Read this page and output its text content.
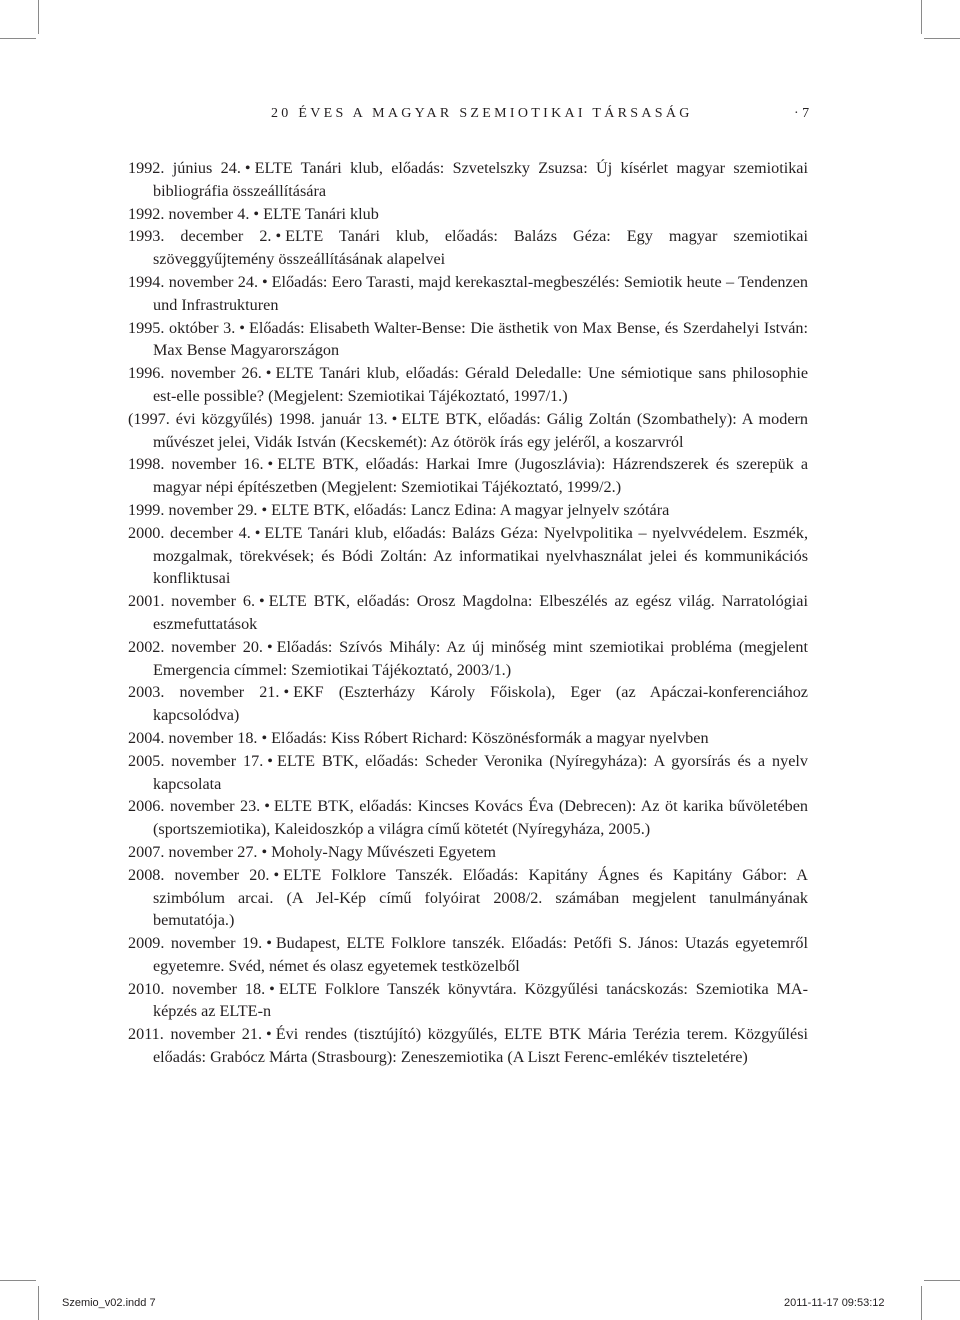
20 ÉVES A MAGYAR SZEMIOTIKAI TÁRSASÁG	· 7
1992. június 24. • ELTE Tanári klub, előadás: Szvetelszky Zsuzsa: Új kísérlet magyar szemiotikai bibliográfia összeállítására
1992. november 4. • ELTE Tanári klub
1993. december 2. • ELTE Tanári klub, előadás: Balázs Géza: Egy magyar szemiotikai szöveggyűjtemény összeállításának alapelvei
1994. november 24. • Előadás: Eero Tarasti, majd kerekasztal-megbeszélés: Semiotik heute – Tendenzen und Infrastrukturen
1995. október 3. • Előadás: Elisabeth Walter-Bense: Die ästhetik von Max Bense, és Szerdahelyi István: Max Bense Magyarországon
1996. november 26. • ELTE Tanári klub, előadás: Gérald Deledalle: Une sémiotique sans philosophie est-elle possible? (Megjelent: Szemiotikai Tájékoztató, 1997/1.)
(1997. évi közgyűlés) 1998. január 13. • ELTE BTK, előadás: Gálig Zoltán (Szombathely): A modern művészet jelei, Vidák István (Kecskemét): Az ótörök írás egy jeléről, a koszarvról
1998. november 16. • ELTE BTK, előadás: Harkai Imre (Jugoszlávia): Házrendszerek és szerepük a magyar népi építészetben (Megjelent: Szemiotikai Tájékoztató, 1999/2.)
1999. november 29. • ELTE BTK, előadás: Lancz Edina: A magyar jelnyelv szótára
2000. december 4. • ELTE Tanári klub, előadás: Balázs Géza: Nyelvpolitika – nyelvvédelem. Eszmék, mozgalmak, törekvések; és Bódi Zoltán: Az informatikai nyelvhasználat jelei és kommunikációs konfliktusai
2001. november 6. • ELTE BTK, előadás: Orosz Magdolna: Elbeszélés az egész világ. Narratológiai eszmefuttatások
2002. november 20. • Előadás: Szívós Mihály: Az új minőség mint szemiotikai probléma (megjelent Emergencia címmel: Szemiotikai Tájékoztató, 2003/1.)
2003. november 21. • EKF (Eszterházy Károly Főiskola), Eger (az Apáczai-konferenciához kapcsolódva)
2004. november 18. • Előadás: Kiss Róbert Richard: Köszönésformák a magyar nyelvben
2005. november 17. • ELTE BTK, előadás: Scheder Veronika (Nyíregyháza): A gyorsírás és a nyelv kapcsolata
2006. november 23. • ELTE BTK, előadás: Kincses Kovács Éva (Debrecen): Az öt karika bűvöletében (sportszemiotika), Kaleidoszkóp a világra című kötetét (Nyíregyháza, 2005.)
2007. november 27. • Moholy-Nagy Művészeti Egyetem
2008. november 20. • ELTE Folklore Tanszék. Előadás: Kapitány Ágnes és Kapitány Gábor: A szimbólum arcai. (A Jel-Kép című folyóirat 2008/2. számában megjelent tanulmányának bemutatója.)
2009. november 19. • Budapest, ELTE Folklore tanszék. Előadás: Petőfi S. János: Utazás egyetemről egyetemre. Svéd, német és olasz egyetemek testközelből
2010. november 18. • ELTE Folklore Tanszék könyvtára. Közgyűlési tanácskozás: Szemiotika MA-képzés az ELTE-n
2011. november 21. • Évi rendes (tisztújító) közgyűlés, ELTE BTK Mária Terézia terem. Közgyűlési előadás: Grabócz Márta (Strasbourg): Zeneszemiotika (A Liszt Ferenc-emlékév tiszteletére)
Szemio_v02.indd 7	2011-11-17 09:53:12
